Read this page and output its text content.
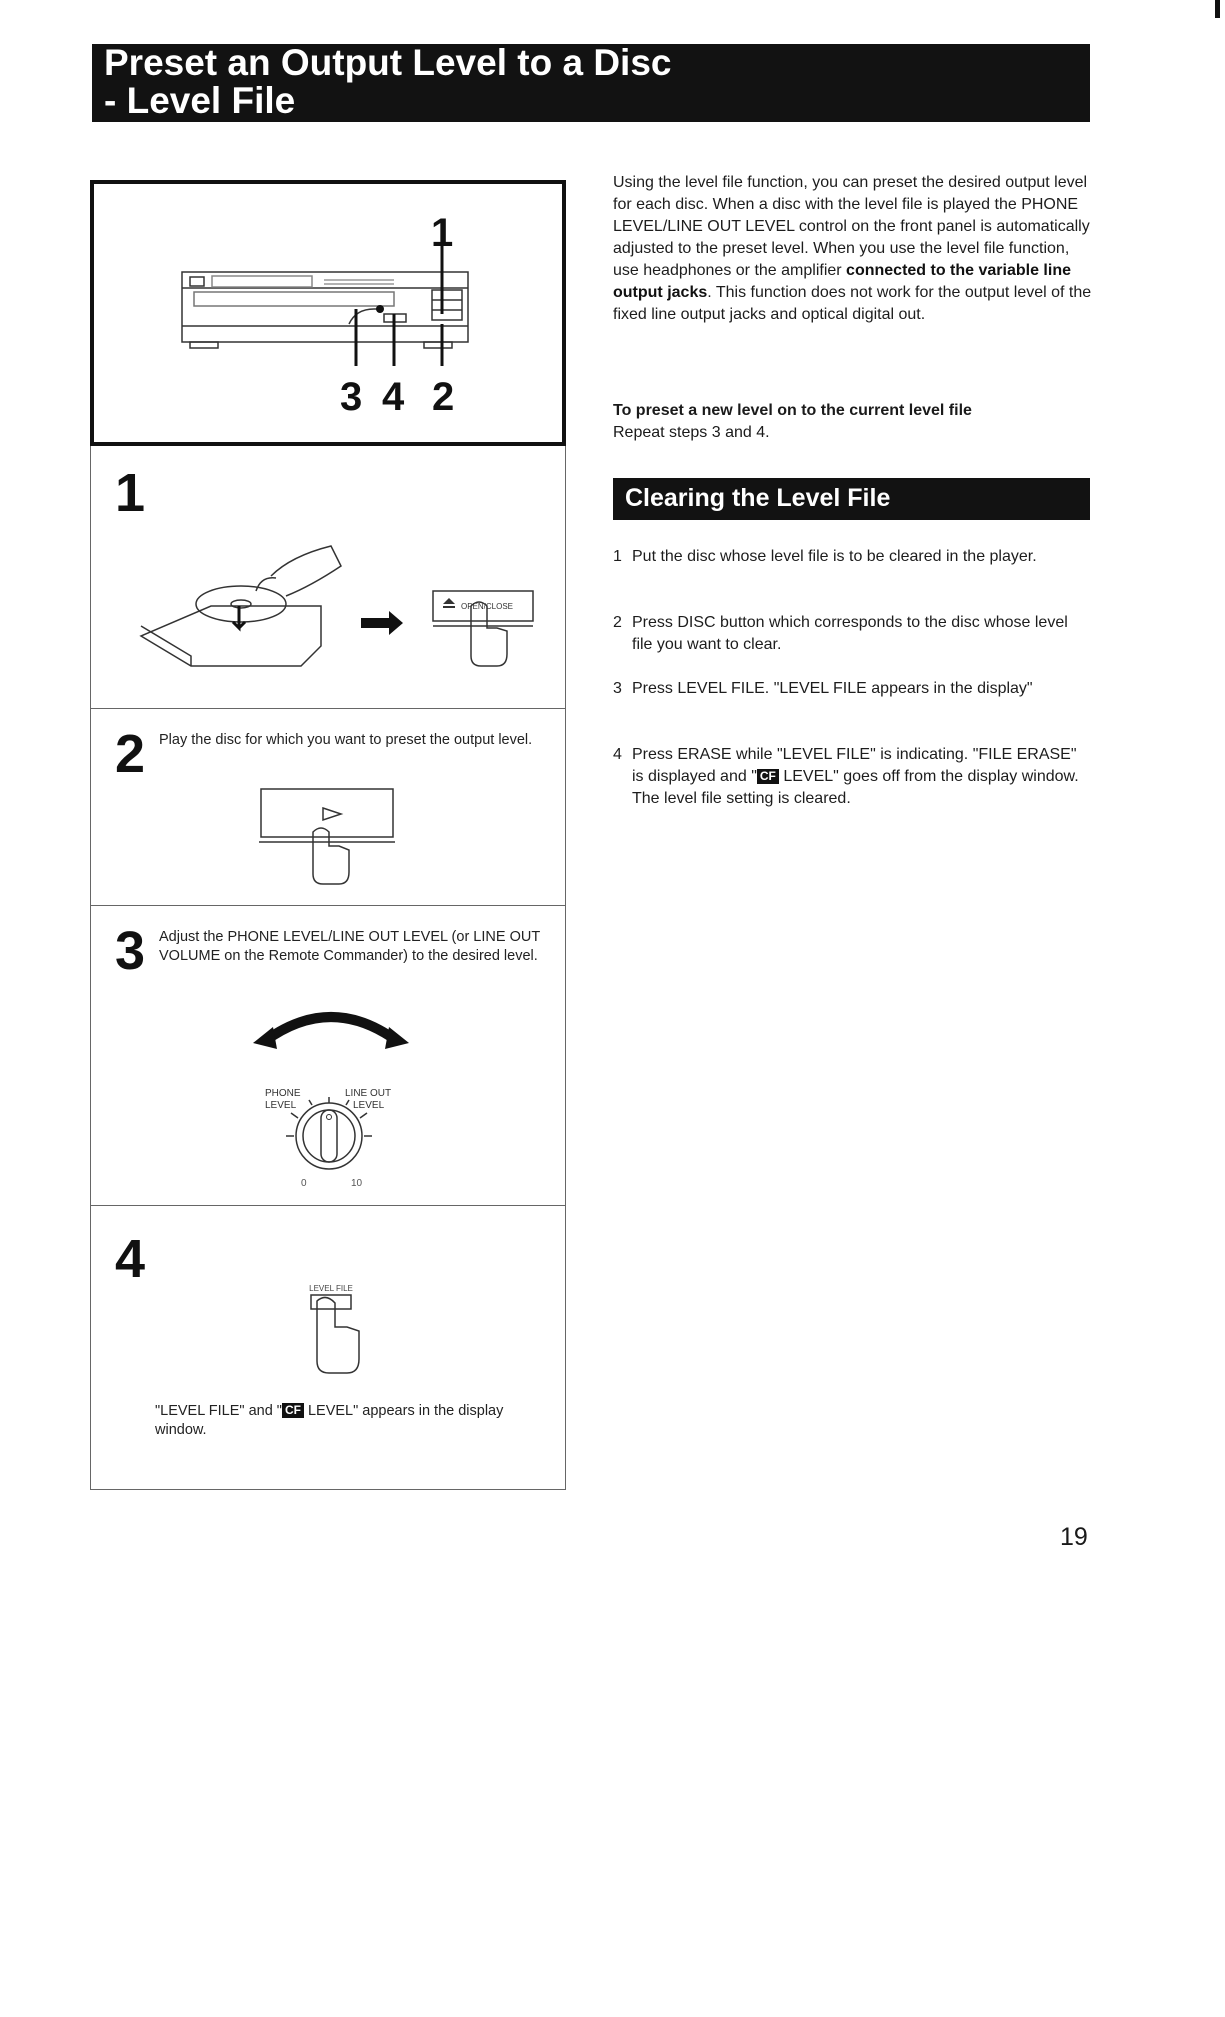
Preset an Output Level to a Disc
- Level File
1
3 4 2
1
OPEN/CLOSE
2 Play the disc for which you want to preset the output level.
3 Adjust the PHONE LEVEL/LINE OUT LEVEL (or LINE OUT VOLUME on the Remote Commander) to the desired level.
PHONE
LEVEL
LINE OUT
LEVEL
0	10
4	LEVEL FILE
"LEVEL FILE" and " CF LEVEL" appears in the display window.

Using the level file function, you can preset the desired output level for each disc. When a disc with the level file is played the PHONE LEVEL/LINE OUT LEVEL control on the front panel is automatically adjusted to the preset level. When you use the level file function, use headphones or the amplifier connected to the variable line output jacks. This function does not work for the output level of the fixed line output jacks and optical digital out.

To preset a new level on to the current level file
Repeat steps 3 and 4.
Clearing the Level File
1 Put the disc whose level file is to be cleared in the player.
2 Press DISC button which corresponds to the disc whose level file you want to clear.
3 Press LEVEL FILE. "LEVEL FILE appears in the display"
4 Press ERASE while "LEVEL FILE" is indicating. "FILE ERASE" is displayed and " CF LEVEL" goes off from the display window. The level file setting is cleared.
19
